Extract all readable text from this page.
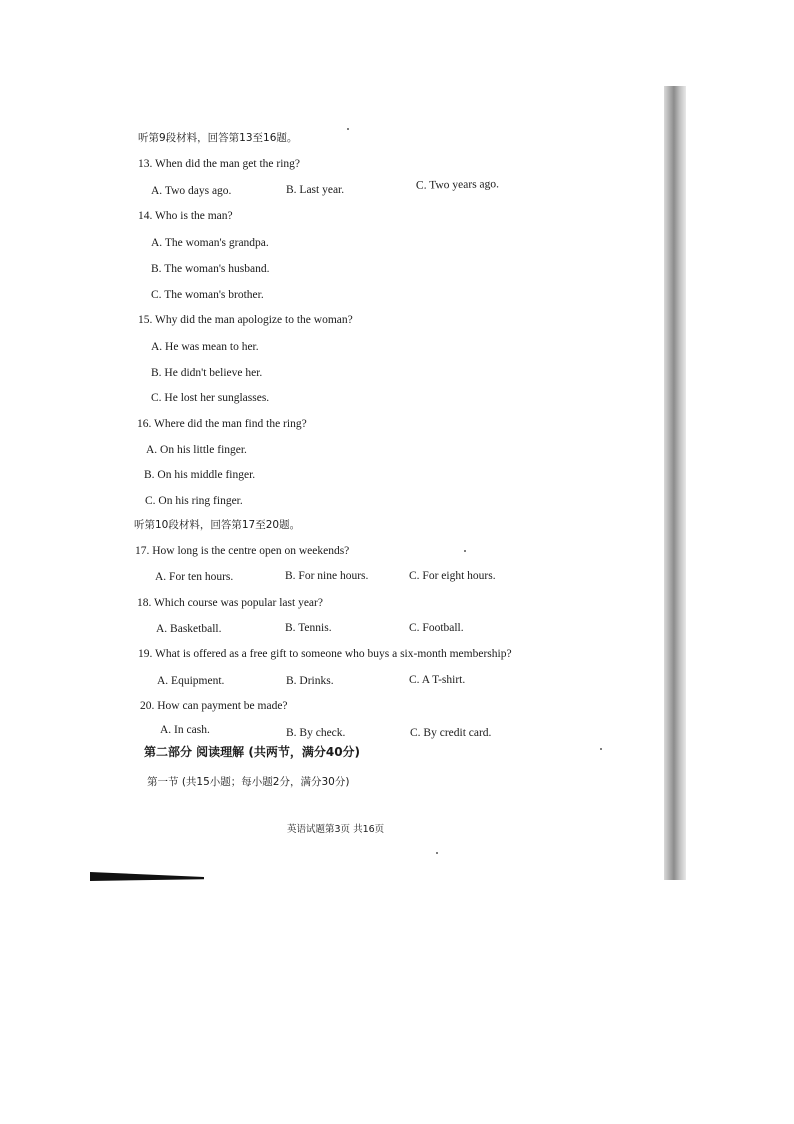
听第9段材料，回答第13至16题。
13. When did the man get the ring?
A. Two days ago.	B. Last year.	C. Two years ago.
14. Who is the man?
A. The woman's grandpa.
B. The woman's husband.
C. The woman's brother.
15. Why did the man apologize to the woman?
A. He was mean to her.
B. He didn't believe her.
C. He lost her sunglasses.
16. Where did the man find the ring?
A. On his little finger.
B. On his middle finger.
C. On his ring finger.
听第10段材料，回答第17至20题。
17. How long is the centre open on weekends?
A. For ten hours.	B. For nine hours.	C. For eight hours.
18. Which course was popular last year?
A. Basketball.	B. Tennis.	C. Football.
19. What is offered as a free gift to someone who buys a six-month membership?
A. Equipment.	B. Drinks.	C. A T-shirt.
20. How can payment be made?
A. In cash.	B. By check.	C. By credit card.
第二部分 阅读理解 (共两节，满分40分)
第一节 (共15小题；每小题2分，满分30分)
英语试题第3页 共16页
